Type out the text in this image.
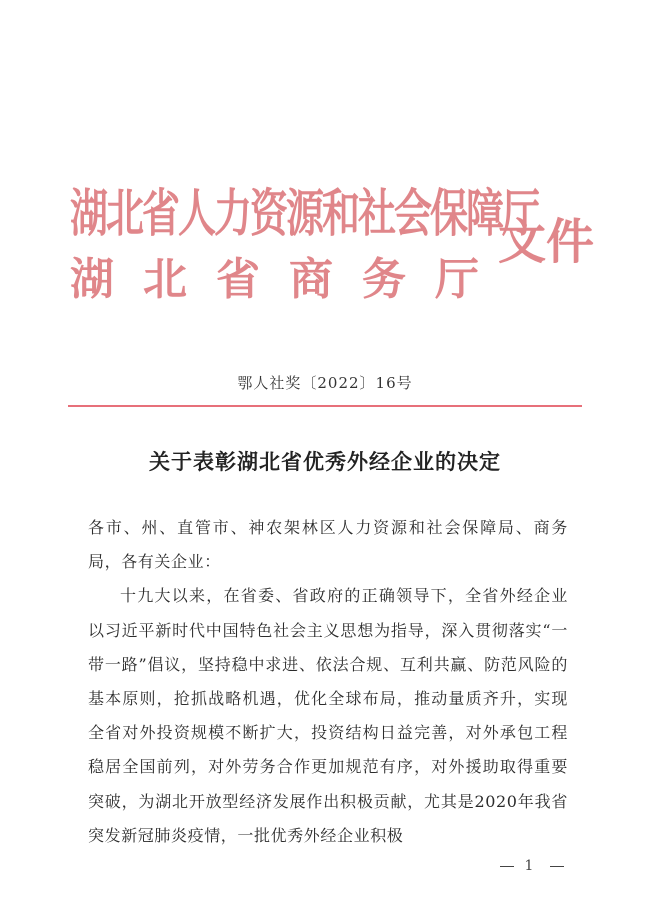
湖北省人力资源和社会保障厅
湖北省商务厅
文件
鄂人社奖〔2022〕16号
关于表彰湖北省优秀外经企业的决定

各市、州、直管市、神农架林区人力资源和社会保障局、商务局，各有关企业：

十九大以来，在省委、省政府的正确领导下，全省外经企业以习近平新时代中国特色社会主义思想为指导，深入贯彻落实“一带一路”倡议，坚持稳中求进、依法合规、互利共赢、防范风险的基本原则，抢抓战略机遇，优化全球布局，推动量质齐升，实现全省对外投资规模不断扩大，投资结构日益完善，对外承包工程稳居全国前列，对外劳务合作更加规范有序，对外援助取得重要突破，为湖北开放型经济发展作出积极贡献，尤其是2020年我省突发新冠肺炎疫情，一批优秀外经企业积极

1
